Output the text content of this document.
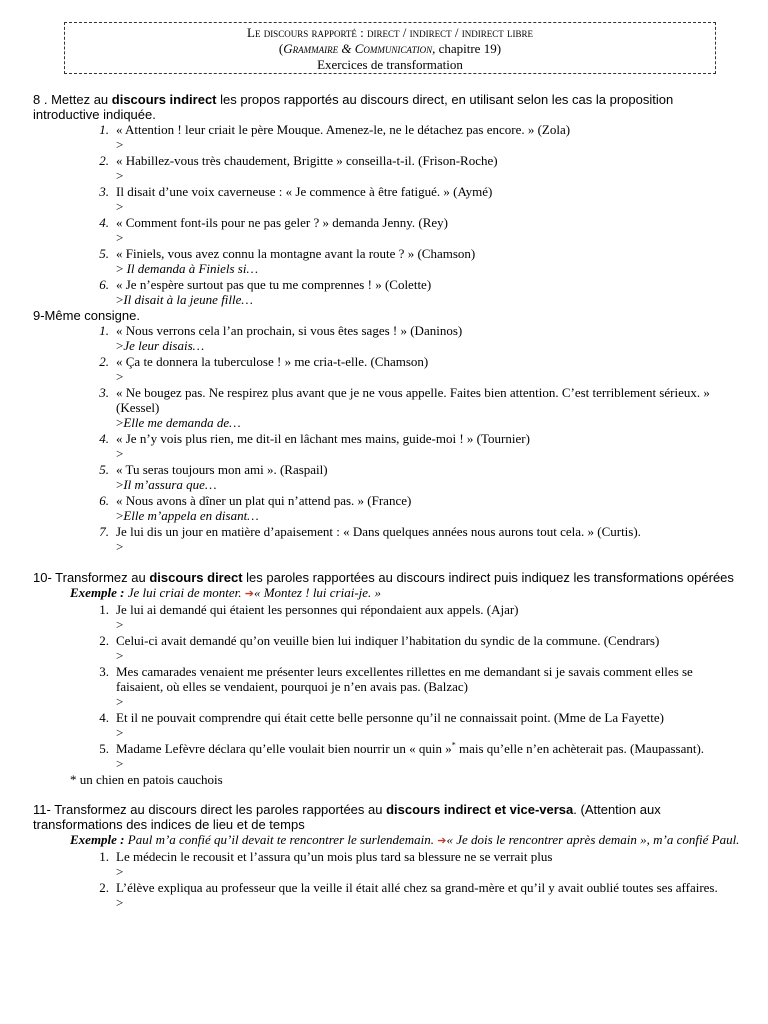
Le discours rapporté : direct / indirect / indirect libre
(Grammaire & Communication, chapitre 19)
Exercices de transformation

8 . Mettez au discours indirect les propos rapportés au discours direct, en utilisant selon les cas la proposition introductive indiquée.

1. « Attention ! leur criait le père Mouque. Amenez-le, ne le détachez pas encore. » (Zola)
>
2. « Habillez-vous très chaudement, Brigitte » conseilla-t-il. (Frison-Roche)
>
3. Il disait d’une voix caverneuse : « Je commence à être fatigué. » (Aymé)
>
4. « Comment font-ils pour ne pas geler ? » demanda Jenny. (Rey)
>
5. « Finiels, vous avez connu la montagne avant la route ? » (Chamson)
> Il demanda à Finiels si…
6. « Je n’espère surtout pas que tu me comprennes ! » (Colette)
>Il disait à la jeune fille…

9-Même consigne.

1. « Nous verrons cela l’an prochain, si vous êtes sages ! » (Daninos)
>Je leur disais…
2. « Ça te donnera la tuberculose ! » me cria-t-elle. (Chamson)
>
3. « Ne bougez pas. Ne respirez plus avant que je ne vous appelle. Faites bien attention. C’est terriblement sérieux. » (Kessel)
>Elle me demanda de…
4. « Je n’y vois plus rien, me dit-il en lâchant mes mains, guide-moi ! » (Tournier)
>
5. « Tu seras toujours mon ami ». (Raspail)
>Il m’assura que…
6. « Nous avons à dîner un plat qui n’attend pas. » (France)
>Elle m’appela en disant…
7. Je lui dis un jour en matière d’apaisement : « Dans quelques années nous aurons tout cela. » (Curtis).
>

10- Transformez au discours direct les paroles rapportées au discours indirect puis indiquez les transformations opérées

Exemple : Je lui criai de monter. ➔« Montez ! lui criai-je. »
1. Je lui ai demandé qui étaient les personnes qui répondaient aux appels. (Ajar)
>
2. Celui-ci avait demandé qu’on veuille bien lui indiquer l’habitation du syndic de la commune. (Cendrars)
>
3. Mes camarades venaient me présenter leurs excellentes rillettes en me demandant si je savais comment elles se faisaient, où elles se vendaient, pourquoi je n’en avais pas. (Balzac)
>
4. Et il ne pouvait comprendre qui était cette belle personne qu’il ne connaissait point. (Mme de La Fayette)
>
5. Madame Lefèvre déclara qu’elle voulait bien nourrir un « quin »* mais qu’elle n’en achèterait pas. (Maupassant).
>
* un chien en patois cauchois

11- Transformez au discours direct les paroles rapportées au discours indirect et vice-versa. (Attention aux transformations des indices de lieu et de temps

Exemple : Paul m’a confié qu’il devait te rencontrer le surlendemain. ➔« Je dois le rencontrer après demain », m’a confié Paul.
1. Le médecin le recousit et l’assura qu’un mois plus tard sa blessure ne se verrait plus
>
2. L’élève expliqua au professeur que la veille il était allé chez sa grand-mère et qu’il y avait oublié toutes ses affaires.
>
